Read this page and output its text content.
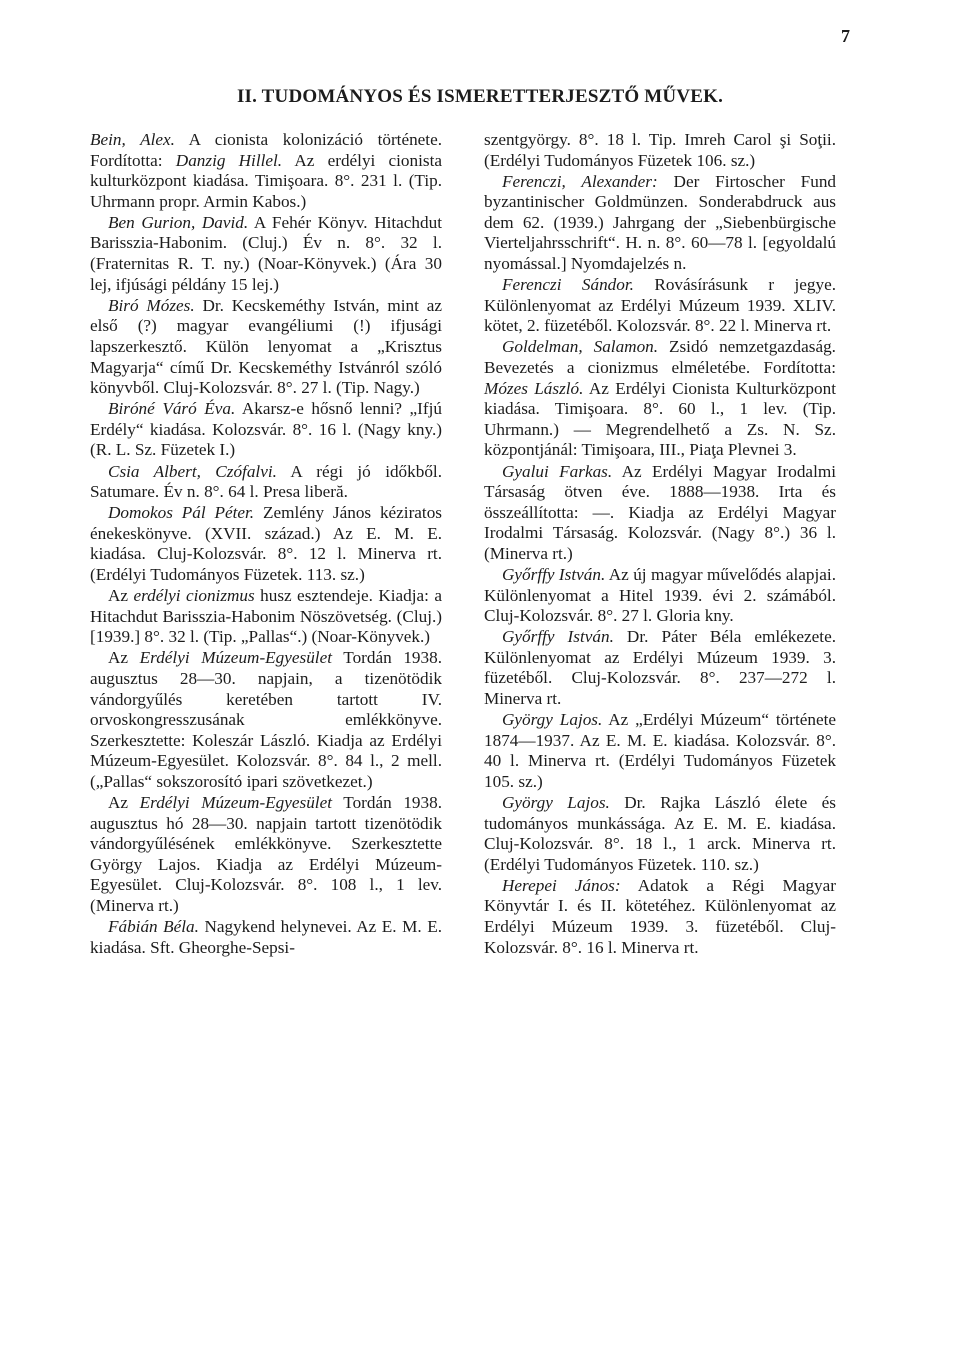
7
II. TUDOMÁNYOS ÉS ISMERETTERJESZTŐ MŰVEK.

Bein, Alex. A cionista kolonizáció története. Fordította: Danzig Hillel. Az erdélyi cionista kulturközpont kiadása. Timişoara. 8°. 231 l. (Tip. Uhrmann propr. Armin Kabos.)

Ben Gurion, David. A Fehér Könyv. Hitachdut Barisszia-Habonim. (Cluj.) Év n. 8°. 32 l. (Fraternitas R. T. ny.) (Noar-Könyvek.) (Ára 30 lej, ifjúsági példány 15 lej.)

Biró Mózes. Dr. Kecskeméthy István, mint az első (?) magyar evangéliumi (!) ifjusági lapszerkesztő. Külön lenyomat a „Krisztus Magyarja“ című Dr. Kecskeméthy Istvánról szóló könyvből. Cluj-Kolozsvár. 8°. 27 l. (Tip. Nagy.)

Biróné Váró Éva. Akarsz-e hősnő lenni? „Ifjú Erdély“ kiadása. Kolozsvár. 8°. 16 l. (Nagy kny.) (R. L. Sz. Füzetek I.)

Csia Albert, Czófalvi. A régi jó időkből. Satumare. Év n. 8°. 64 l. Presa liberă.

Domokos Pál Péter. Zemlény János kéziratos énekeskönyve. (XVII. század.) Az E. M. E. kiadása. Cluj-Kolozsvár. 8°. 12 l. Minerva rt. (Erdélyi Tudományos Füzetek. 113. sz.)

Az erdélyi cionizmus husz esztendeje. Kiadja: a Hitachdut Barisszia-Habonim Nöszövetség. (Cluj.) [1939.] 8°. 32 l. (Tip. „Pallas“.) (Noar-Könyvek.)

Az Erdélyi Múzeum-Egyesület Tordán 1938. augusztus 28—30. napjain, a tizenötödik vándorgyűlés keretében tartott IV. orvoskongresszusának emlékkönyve. Szerkesztette: Koleszár László. Kiadja az Erdélyi Múzeum-Egyesület. Kolozsvár. 8°. 84 l., 2 mell. („Pallas“ sokszorosító ipari szövetkezet.)

Az Erdélyi Múzeum-Egyesület Tordán 1938. augusztus hó 28—30. napjain tartott tizenötödik vándorgyűlésének emlékkönyve. Szerkesztette György Lajos. Kiadja az Erdélyi Múzeum-Egyesület. Cluj-Kolozsvár. 8°. 108 l., 1 lev. (Minerva rt.)

Fábián Béla. Nagykend helynevei. Az E. M. E. kiadása. Sft. Gheorghe-Sepsi-

szentgyörgy. 8°. 18 l. Tip. Imreh Carol şi Soţii. (Erdélyi Tudományos Füzetek 106. sz.)

Ferenczi, Alexander: Der Firtoscher Fund byzantinischer Goldmünzen. Sonderabdruck aus dem 62. (1939.) Jahrgang der „Siebenbürgische Vierteljahrsschrift“. H. n. 8°. 60—78 l. [egyoldalú nyomással.] Nyomdajelzés n.

Ferenczi Sándor. Rovásírásunk r jegye. Különlenyomat az Erdélyi Múzeum 1939. XLIV. kötet, 2. füzetéből. Kolozsvár. 8°. 22 l. Minerva rt.

Goldelman, Salamon. Zsidó nemzetgazdaság. Bevezetés a cionizmus elméletébe. Fordította: Mózes László. Az Erdélyi Cionista Kulturközpont kiadása. Timişoara. 8°. 60 l., 1 lev. (Tip. Uhrmann.) — Megrendelhető a Zs. N. Sz. központjánál: Timişoara, III., Piaţa Plevnei 3.

Gyalui Farkas. Az Erdélyi Magyar Irodalmi Társaság ötven éve. 1888—1938. Irta és összeállította: —. Kiadja az Erdélyi Magyar Irodalmi Társaság. Kolozsvár. (Nagy 8°.) 36 l. (Minerva rt.)

Győrffy István. Az új magyar művelődés alapjai. Különlenyomat a Hitel 1939. évi 2. számából. Cluj-Kolozsvár. 8°. 27 l. Gloria kny.

Győrffy István. Dr. Páter Béla emlékezete. Különlenyomat az Erdélyi Múzeum 1939. 3. füzetéből. Cluj-Kolozsvár. 8°. 237—272 l. Minerva rt.

György Lajos. Az „Erdélyi Múzeum“ története 1874—1937. Az E. M. E. kiadása. Kolozsvár. 8°. 40 l. Minerva rt. (Erdélyi Tudományos Füzetek 105. sz.)

György Lajos. Dr. Rajka László élete és tudományos munkássága. Az E. M. E. kiadása. Cluj-Kolozsvár. 8°. 18 l., 1 arck. Minerva rt. (Erdélyi Tudományos Füzetek. 110. sz.)

Herepei János: Adatok a Régi Magyar Könyvtár I. és II. kötetéhez. Különlenyomat az Erdélyi Múzeum 1939. 3. füzetéből. Cluj-Kolozsvár. 8°. 16 l. Minerva rt.
